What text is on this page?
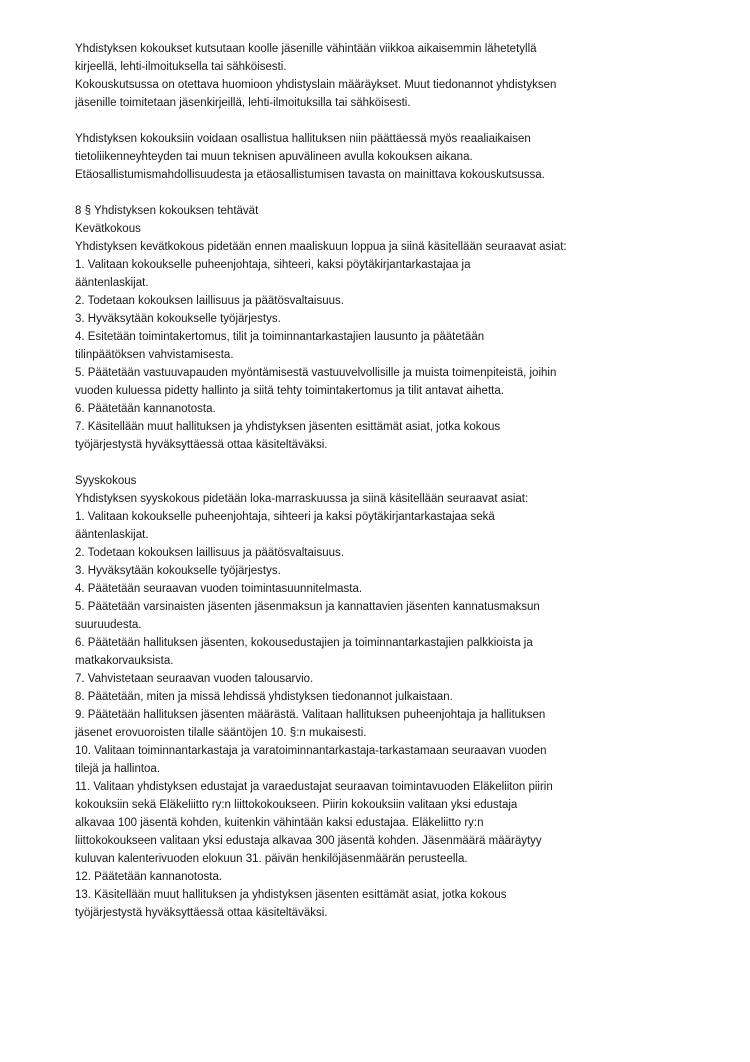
Yhdistyksen kokoukset kutsutaan koolle jäsenille vähintään viikkoa aikaisemmin lähetetyllä
kirjeellä, lehti-ilmoituksella tai sähköisesti.
Kokouskutsussa on otettava huomioon yhdistyslain määräykset. Muut tiedonannot yhdistyksen
jäsenille toimitetaan jäsenkirjeillä, lehti-ilmoituksilla tai sähköisesti.
Yhdistyksen kokouksiin voidaan osallistua hallituksen niin päättäessä myös reaaliaikaisen
tietoliikenneyhteyden tai muun teknisen apuvälineen avulla kokouksen aikana.
Etäosallistumismahdollisuudesta ja etäosallistumisen tavasta on mainittava kokouskutsussa.
8 § Yhdistyksen kokouksen tehtävät
Kevätkokous
Yhdistyksen kevätkokous pidetään ennen maaliskuun loppua ja siinä käsitellään seuraavat asiat:
1. Valitaan kokoukselle puheenjohtaja, sihteeri, kaksi pöytäkirjantarkastajaa ja
ääntenlaskijat.
2. Todetaan kokouksen laillisuus ja päätösvaltaisuus.
3. Hyväksytään kokoukselle työjärjestys.
4. Esitetään toimintakertomus, tilit ja toiminnantarkastajien lausunto ja päätetään
tilinpäätöksen vahvistamisesta.
5. Päätetään vastuuvapauden myöntämisestä vastuuvelvollisille ja muista toimenpiteistä, joihin
vuoden kuluessa pidetty hallinto ja siitä tehty toimintakertomus ja tilit antavat aihetta.
6. Päätetään kannanotosta.
7. Käsitellään muut hallituksen ja yhdistyksen jäsenten esittämät asiat, jotka kokous
työjärjestystä hyväksyttäessä ottaa käsiteltäväksi.
Syyskokous
Yhdistyksen syyskokous pidetään loka-marraskuussa ja siinä käsitellään seuraavat asiat:
1. Valitaan kokoukselle puheenjohtaja, sihteeri ja kaksi pöytäkirjantarkastajaa sekä
ääntenlaskijat.
2. Todetaan kokouksen laillisuus ja päätösvaltaisuus.
3. Hyväksytään kokoukselle työjärjestys.
4. Päätetään seuraavan vuoden toimintasuunnitelmasta.
5. Päätetään varsinaisten jäsenten jäsenmaksun ja kannattavien jäsenten kannatusmaksun
suuruudesta.
6. Päätetään hallituksen jäsenten, kokousedustajien ja toiminnantarkastajien palkkioista ja
matkakorvauksista.
7. Vahvistetaan seuraavan vuoden talousarvio.
8. Päätetään, miten ja missä lehdissä yhdistyksen tiedonannot julkaistaan.
9. Päätetään hallituksen jäsenten määrästä. Valitaan hallituksen puheenjohtaja ja hallituksen
jäsenet erovuoroisten tilalle sääntöjen 10. §:n mukaisesti.
10. Valitaan toiminnantarkastaja ja varatoiminnantarkastaja-tarkastamaan seuraavan vuoden
tilejä ja hallintoa.
11. Valitaan yhdistyksen edustajat ja varaedustajat seuraavan toimintavuoden Eläkeliiton piirin
kokouksiin sekä Eläkeliitto ry:n liittokokoukseen. Piirin kokouksiin valitaan yksi edustaja
alkavaa 100 jäsentä kohden, kuitenkin vähintään kaksi edustajaa. Eläkeliitto ry:n
liittokokoukseen valitaan yksi edustaja alkavaa 300 jäsentä kohden. Jäsenmäärä määräytyy
kuluvan kalenterivuoden elokuun 31. päivän henkilöjäsenmäärän perusteella.
12. Päätetään kannanotosta.
13. Käsitellään muut hallituksen ja yhdistyksen jäsenten esittämät asiat, jotka kokous
työjärjestystä hyväksyttäessä ottaa käsiteltäväksi.
